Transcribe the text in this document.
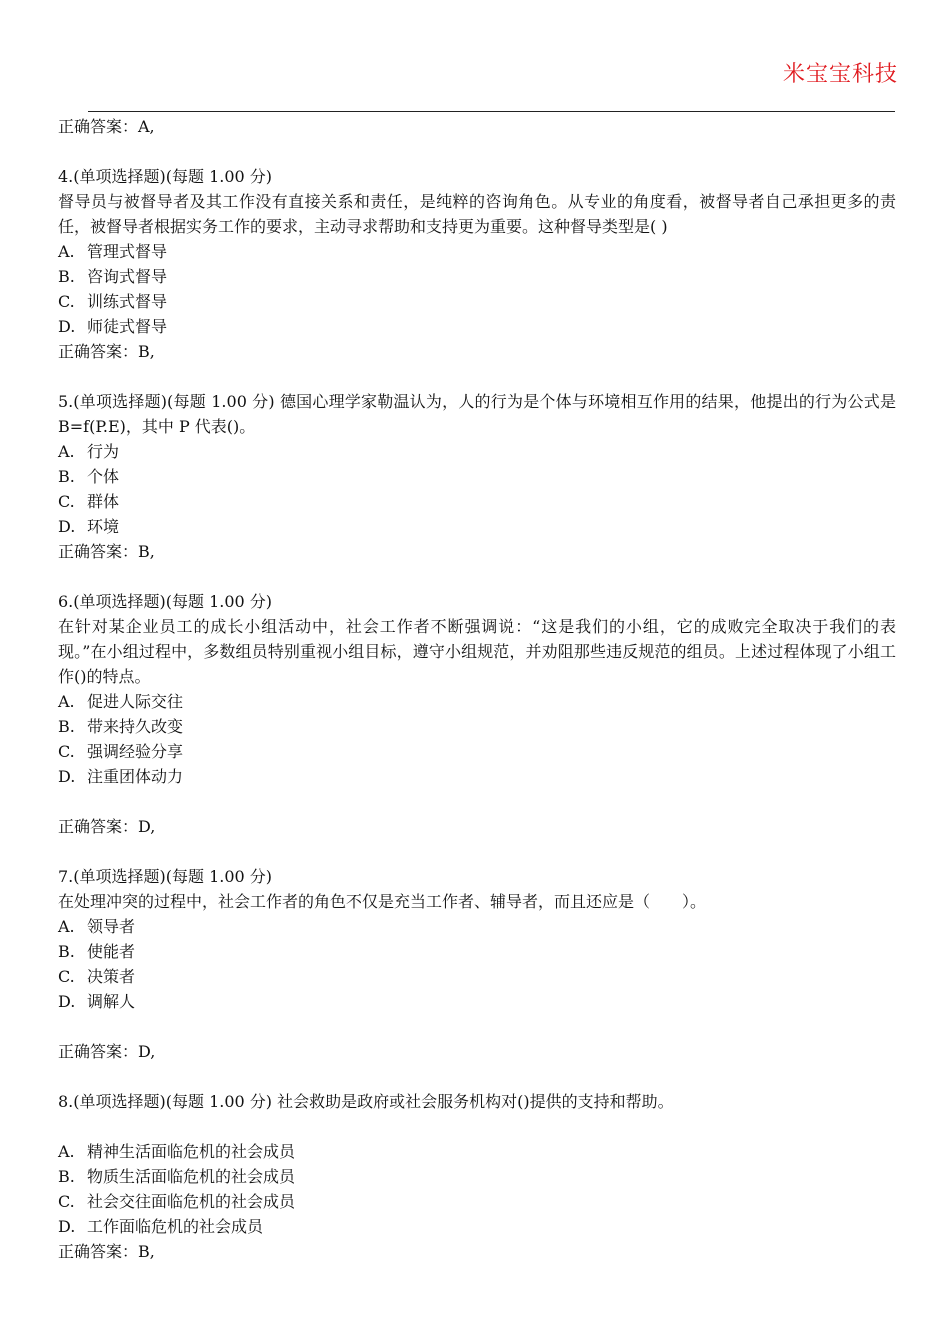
米宝宝科技
正确答案：A,
4.(单项选择题)(每题 1.00 分)
督导员与被督导者及其工作没有直接关系和责任，是纯粹的咨询角色。从专业的角度看，被督导者自己承担更多的责任，被督导者根据实务工作的要求，主动寻求帮助和支持更为重要。这种督导类型是( )
A. 管理式督导
B. 咨询式督导
C. 训练式督导
D. 师徒式督导
正确答案：B,
5.(单项选择题)(每题 1.00 分) 德国心理学家勒温认为，人的行为是个体与环境相互作用的结果，他提出的行为公式是 B=f(P.E)，其中 P 代表()。
A. 行为
B. 个体
C. 群体
D. 环境
正确答案：B,
6.(单项选择题)(每题 1.00 分)
在针对某企业员工的成长小组活动中，社会工作者不断强调说：“这是我们的小组，它的成败完全取决于我们的表现。”在小组过程中，多数组员特别重视小组目标，遵守小组规范，并劝阻那些违反规范的组员。上述过程体现了小组工作()的特点。
A. 促进人际交往
B. 带来持久改变
C. 强调经验分享
D. 注重团体动力
正确答案：D,
7.(单项选择题)(每题 1.00 分)
在处理冲突的过程中，社会工作者的角色不仅是充当工作者、辅导者，而且还应是（　　）。
A. 领导者
B. 使能者
C. 决策者
D. 调解人
正确答案：D,
8.(单项选择题)(每题 1.00 分) 社会救助是政府或社会服务机构对()提供的支持和帮助。
A. 精神生活面临危机的社会成员
B. 物质生活面临危机的社会成员
C. 社会交往面临危机的社会成员
D. 工作面临危机的社会成员
正确答案：B,
